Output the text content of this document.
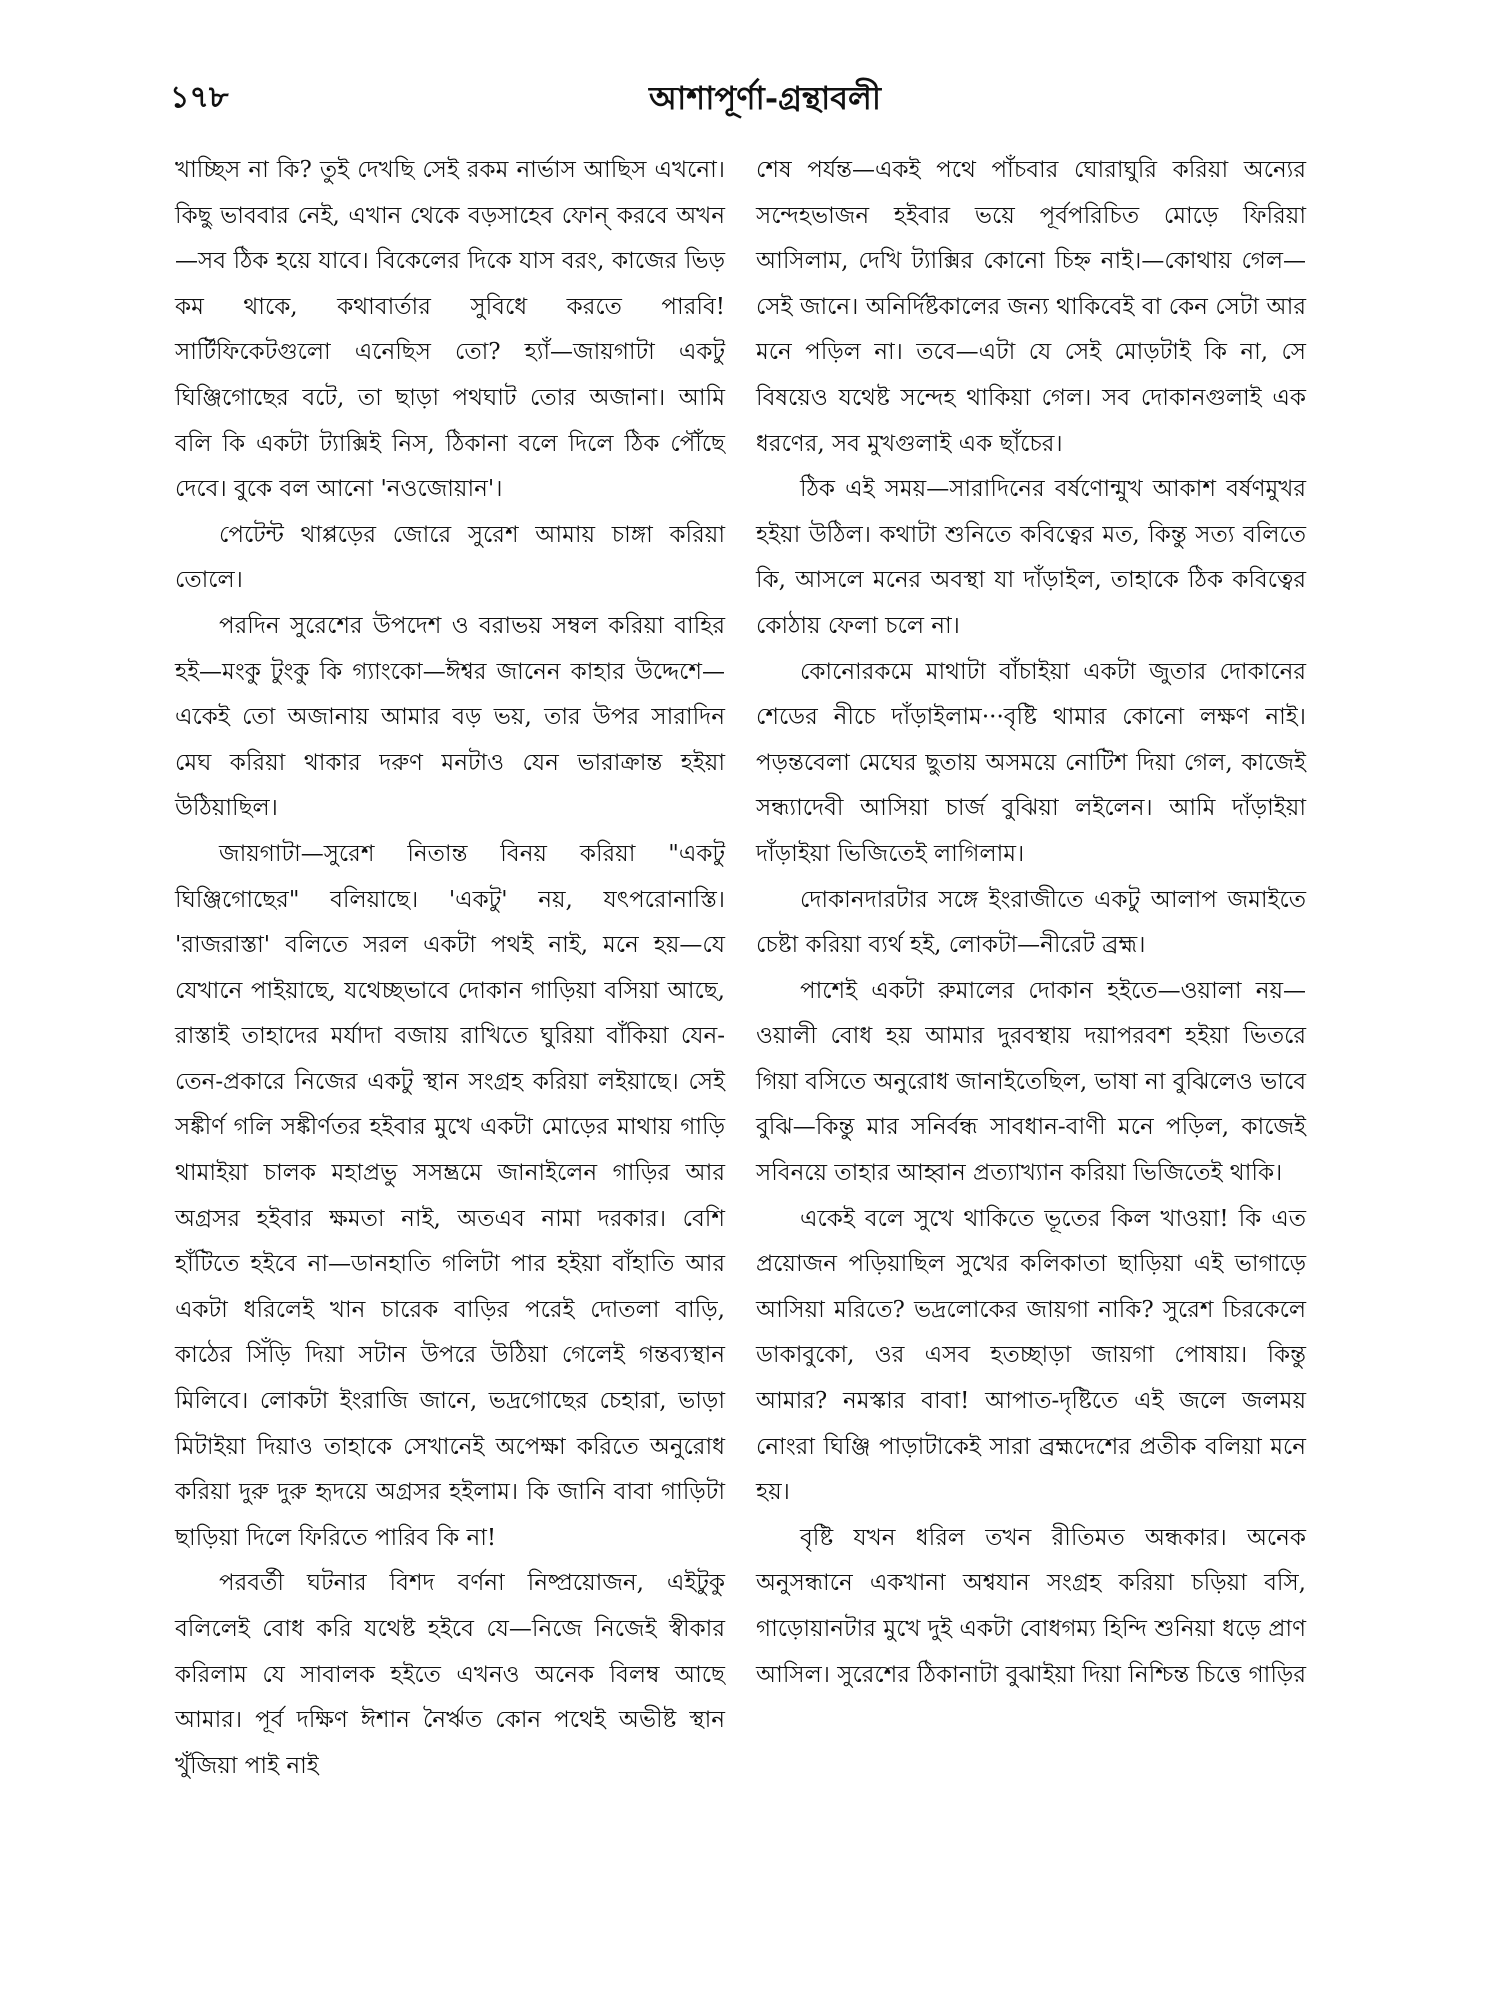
১৭৮	আশাপূর্ণা-গ্রন্থাবলী

খাচ্ছিস না কি? তুই দেখছি সেই রকম নার্ভাস আছিস এখনো। কিছু ভাববার নেই, এখান থেকে বড়সাহেব ফোন্ করবে অখন—সব ঠিক হয়ে যাবে। বিকেলের দিকে যাস বরং, কাজের ভিড় কম থাকে, কথাবার্তার সুবিধে করতে পারবি! সার্টিফিকেটগুলো এনেছিস তো? হ্যাঁ—জায়গাটা একটু ঘিঞ্জিগোছের বটে, তা ছাড়া পথঘাট তোর অজানা। আমি বলি কি একটা ট্যাক্সিই নিস, ঠিকানা বলে দিলে ঠিক পৌঁছে দেবে। বুকে বল আনো 'নওজোয়ান'।

পেটেন্ট থাপ্পড়ের জোরে সুরেশ আমায় চাঙ্গা করিয়া তোলে।

পরদিন সুরেশের উপদেশ ও বরাভয় সম্বল করিয়া বাহির হই—মংকু টুংকু কি গ্যাংকো—ঈশ্বর জানেন কাহার উদ্দেশে—একেই তো অজানায় আমার বড় ভয়, তার উপর সারাদিন মেঘ করিয়া থাকার দরুণ মনটাও যেন ভারাক্রান্ত হইয়া উঠিয়াছিল।

জায়গাটা—সুরেশ নিতান্ত বিনয় করিয়া "একটু ঘিঞ্জিগোছের" বলিয়াছে। 'একটু' নয়, যৎপরোনাস্তি। 'রাজরাস্তা' বলিতে সরল একটা পথই নাই, মনে হয়—যে যেখানে পাইয়াছে, যথেচ্ছভাবে দোকান গাড়িয়া বসিয়া আছে, রাস্তাই তাহাদের মর্যাদা বজায় রাখিতে ঘুরিয়া বাঁকিয়া যেন-তেন-প্রকারে নিজের একটু স্থান সংগ্রহ করিয়া লইয়াছে। সেই সঙ্কীর্ণ গলি সঙ্কীর্ণতর হইবার মুখে একটা মোড়ের মাথায় গাড়ি থামাইয়া চালক মহাপ্রভু সসম্ভ্রমে জানাইলেন গাড়ির আর অগ্রসর হইবার ক্ষমতা নাই, অতএব নামা দরকার। বেশি হাঁটিতে হইবে না—ডানহাতি গলিটা পার হইয়া বাঁহাতি আর একটা ধরিলেই খান চারেক বাড়ির পরেই দোতলা বাড়ি, কাঠের সিঁড়ি দিয়া সটান উপরে উঠিয়া গেলেই গন্তব্যস্থান মিলিবে। লোকটা ইংরাজি জানে, ভদ্রগোছের চেহারা, ভাড়া মিটাইয়া দিয়াও তাহাকে সেখানেই অপেক্ষা করিতে অনুরোধ করিয়া দুরু দুরু হৃদয়ে অগ্রসর হইলাম। কি জানি বাবা গাড়িটা ছাড়িয়া দিলে ফিরিতে পারিব কি না!

পরবর্তী ঘটনার বিশদ বর্ণনা নিষ্প্রয়োজন, এইটুকু বলিলেই বোধ করি যথেষ্ট হইবে যে—নিজে নিজেই স্বীকার করিলাম যে সাবালক হইতে এখনও অনেক বিলম্ব আছে আমার। পূর্ব দক্ষিণ ঈশান নৈর্ঋত কোন পথেই অভীষ্ট স্থান খুঁজিয়া পাই নাই

শেষ পর্যন্ত—একই পথে পাঁচবার ঘোরাঘুরি করিয়া অন্যের সন্দেহভাজন হইবার ভয়ে পূর্বপরিচিত মোড়ে ফিরিয়া আসিলাম, দেখি ট্যাক্সির কোনো চিহ্ন নাই।—কোথায় গেল—সেই জানে। অনির্দিষ্টকালের জন্য থাকিবেই বা কেন সেটা আর মনে পড়িল না। তবে—এটা যে সেই মোড়টাই কি না, সে বিষয়েও যথেষ্ট সন্দেহ থাকিয়া গেল। সব দোকানগুলাই এক ধরণের, সব মুখগুলাই এক ছাঁচের।

ঠিক এই সময়—সারাদিনের বর্ষণোন্মুখ আকাশ বর্ষণমুখর হইয়া উঠিল। কথাটা শুনিতে কবিত্বের মত, কিন্তু সত্য বলিতে কি, আসলে মনের অবস্থা যা দাঁড়াইল, তাহাকে ঠিক কবিত্বের কোঠায় ফেলা চলে না।

কোনোরকমে মাথাটা বাঁচাইয়া একটা জুতার দোকানের শেডের নীচে দাঁড়াইলাম···বৃষ্টি থামার কোনো লক্ষণ নাই। পড়ন্তবেলা মেঘের ছুতায় অসময়ে নোটিশ দিয়া গেল, কাজেই সন্ধ্যাদেবী আসিয়া চার্জ বুঝিয়া লইলেন। আমি দাঁড়াইয়া দাঁড়াইয়া ভিজিতেই লাগিলাম।

দোকানদারটার সঙ্গে ইংরাজীতে একটু আলাপ জমাইতে চেষ্টা করিয়া ব্যর্থ হই, লোকটা—নীরেট ব্রহ্ম।

পাশেই একটা রুমালের দোকান হইতে—ওয়ালা নয়—ওয়ালী বোধ হয় আমার দুরবস্থায় দয়াপরবশ হইয়া ভিতরে গিয়া বসিতে অনুরোধ জানাইতেছিল, ভাষা না বুঝিলেও ভাবে বুঝি—কিন্তু মার সনির্বন্ধ সাবধান-বাণী মনে পড়িল, কাজেই সবিনয়ে তাহার আহ্বান প্রত্যাখ্যান করিয়া ভিজিতেই থাকি।

একেই বলে সুখে থাকিতে ভূতের কিল খাওয়া! কি এত প্রয়োজন পড়িয়াছিল সুখের কলিকাতা ছাড়িয়া এই ভাগাড়ে আসিয়া মরিতে? ভদ্রলোকের জায়গা নাকি? সুরেশ চিরকেলে ডাকাবুকো, ওর এসব হতচ্ছাড়া জায়গা পোষায়। কিন্তু আমার? নমস্কার বাবা! আপাত-দৃষ্টিতে এই জলে জলময় নোংরা ঘিঞ্জি পাড়াটাকেই সারা ব্রহ্মদেশের প্রতীক বলিয়া মনে হয়।

বৃষ্টি যখন ধরিল তখন রীতিমত অন্ধকার। অনেক অনুসন্ধানে একখানা অশ্বযান সংগ্রহ করিয়া চড়িয়া বসি, গাড়োয়ানটার মুখে দুই একটা বোধগম্য হিন্দি শুনিয়া ধড়ে প্রাণ আসিল। সুরেশের ঠিকানাটা বুঝাইয়া দিয়া নিশ্চিন্ত চিত্তে গাড়ির
